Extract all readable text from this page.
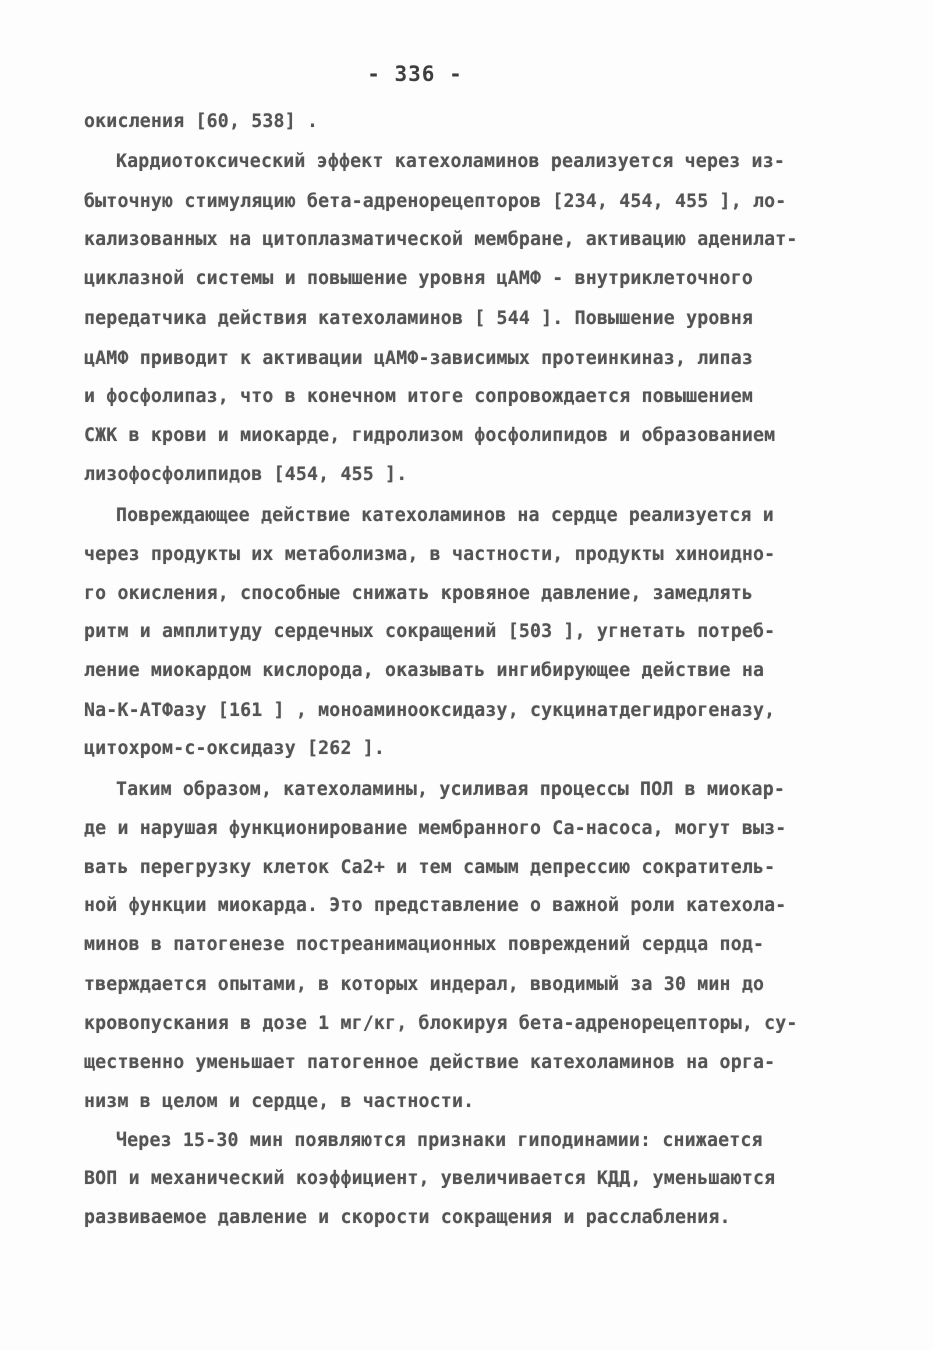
- 336 -
окисления [60, 538] .
Кардиотоксический эффект катехоламинов реализуется через из-
быточную стимуляцию бета-адренорецепторов [234, 454, 455 ], ло-
кализованных на цитоплазматической мембране, активацию аденилат-
циклазной системы и повышение уровня цАМФ - внутриклеточного
передатчика действия катехоламинов [ 544 ]. Повышение уровня
цАМФ приводит к активации цАМФ-зависимых протеинкиназ, липаз
и фосфолипаз, что в конечном итоге сопровождается повышением
СЖК в крови и миокарде, гидролизом фосфолипидов и образованием
лизофосфолипидов [454, 455 ].
Повреждающее действие катехоламинов на сердце реализуется и
через продукты их метаболизма, в частности, продукты хиноидно-
го окисления, способные снижать кровяное давление, замедлять
ритм и амплитуду сердечных сокращений [503 ], угнетать потреб-
ление миокардом кислорода, оказывать ингибирующее действие на
Na-К-АТФазу [161 ] , моноаминооксидазу, сукцинатдегидрогеназу,
цитохром-с-оксидазу [262 ].
Таким образом, катехоламины, усиливая процессы ПОЛ в миокар-
де и нарушая функционирование мембранного Са-насоса, могут выз-
вать перегрузку клеток Са2+ и тем самым депрессию сократитель-
ной функции миокарда. Это представление о важной роли катехола-
минов в патогенезе постреанимационных повреждений сердца под-
тверждается опытами, в которых индерал, вводимый за 30 мин до
кровопускания в дозе 1 мг/кг, блокируя бета-адренорецепторы, су-
щественно уменьшает патогенное действие катехоламинов на орга-
низм в целом и сердце, в частности.
Через 15-30 мин появляются признаки гиподинамии: снижается
ВОП и механический коэффициент, увеличивается КДД, уменьшаются
развиваемое давление и скорости сокращения и расслабления.
